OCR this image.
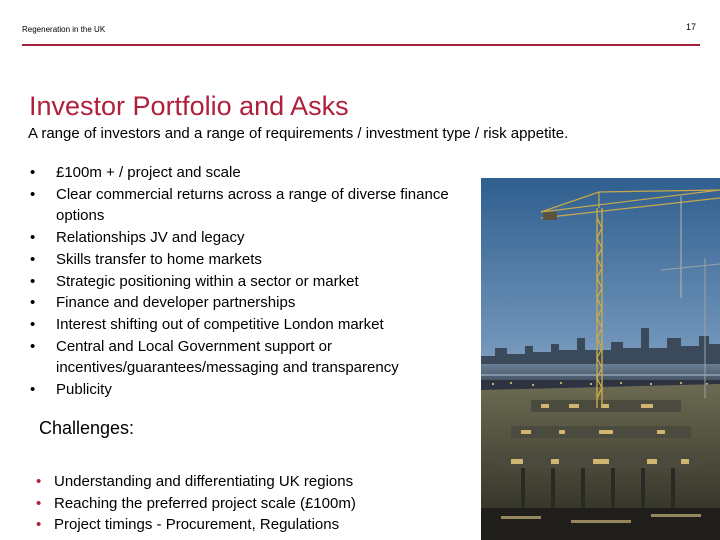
Regeneration in the UK	17
Investor Portfolio and Asks
A range of investors and a range of requirements / investment type / risk appetite.
• £100m + / project and scale
• Clear commercial returns across a range of diverse finance options
• Relationships JV and legacy
• Skills transfer to home markets
• Strategic positioning within a sector or market
• Finance and developer partnerships
• Interest shifting out of competitive London market
• Central and Local Government support or incentives/guarantees/messaging and transparency
• Publicity
Challenges:
• Understanding and differentiating UK regions
• Reaching the preferred project scale (£100m)
• Project timings - Procurement, Regulations
